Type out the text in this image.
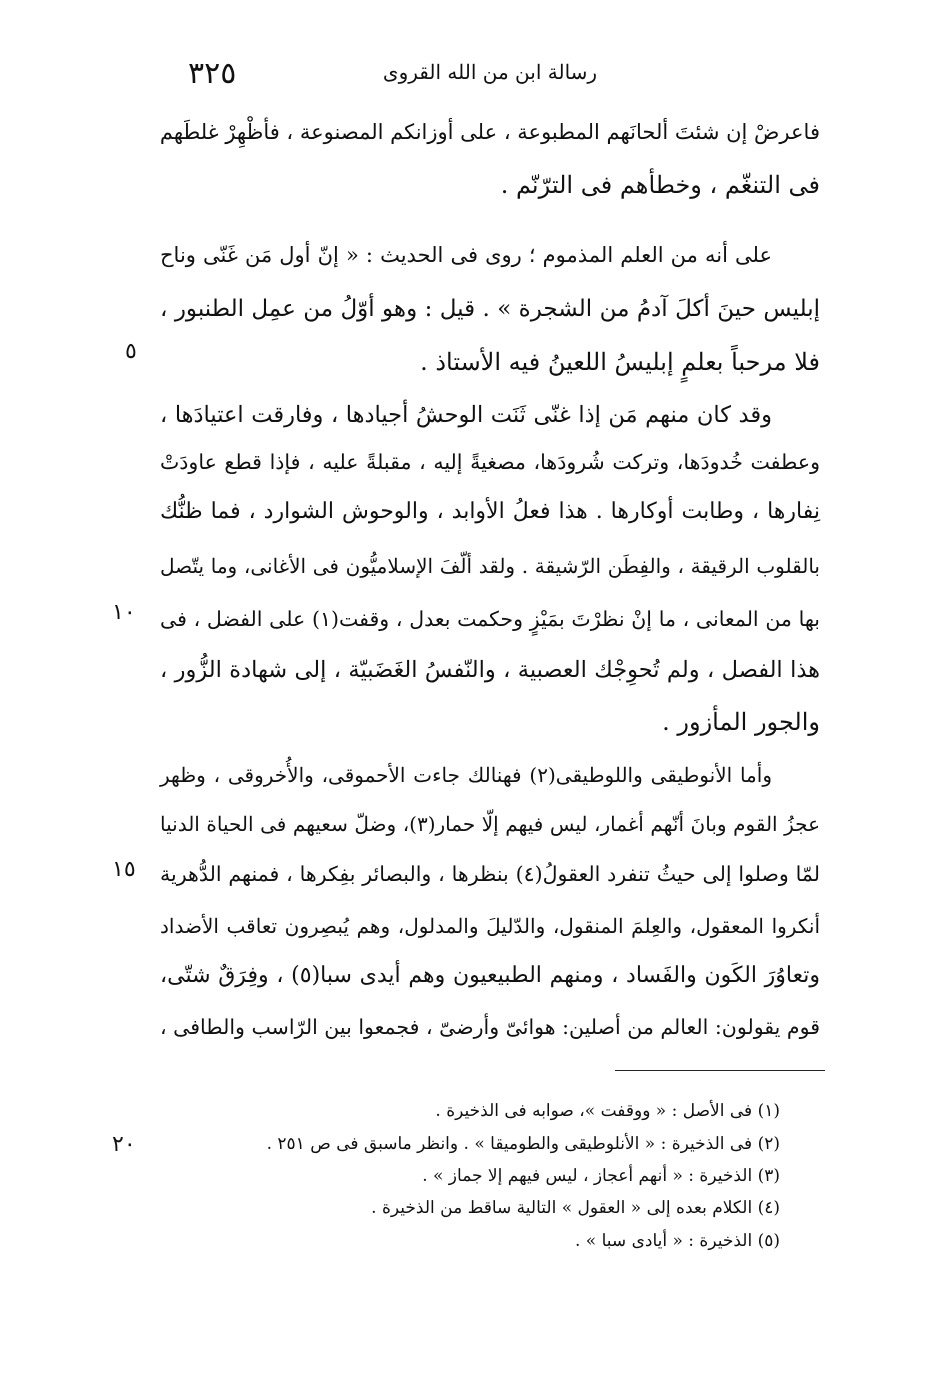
٣٢٥	رسالة ابن من الله القروى
فاعرضْ إن شئتَ ألحانَهم المطبوعة ، على أوزانكم المصنوعة ، فأظْهِرْ غلطَهم
فى التنغّم ، وخطأهم فى الترّنّم .
على أنه من العلم المذموم ؛ روى فى الحديث : « إنّ أول مَن غَنّى وناح
إبليس حينَ أكلَ آدمُ من الشجرة » . قيل : وهو أوّلُ من عمِل الطنبور ،
فلا مرحباً بعلمٍ إبليسُ اللعينُ فيه الأستاذ .
وقد كان منهم مَن إذا غنّى ثَنَت الوحشُ أجيادها ، وفارقت اعتيادَها ،
وعطفت خُدودَها، وتركت شُرودَها، مصغيةً إليه ، مقبلةً عليه ، فإذا قطع عاودَتْ
نِفارها ، وطابت أوكارها . هذا فعلُ الأوابد ، والوحوش الشوارد ، فما ظنُّك
بالقلوب الرقيقة ، والفِطَن الرّشيقة . ولقد ألّفَ الإسلاميُّون فى الأغانى، وما يتّصل
بها من المعانى ، ما إنْ نظرْتَ بمَيْزٍ وحكمت بعدل ، وقفت(١) على الفضل ، فى
هذا الفصل ، ولم تُحوِجْك العصبية ، والنّفسُ الغَضَبيّة ، إلى شهادة الزُّور ،
والجور المأزور .
وأما الأنوطيقى واللوطيقى(٢) فهنالك جاءت الأحموقى، والأُخروقى ، وظهر
عجزُ القوم وبانَ أنّهم أغمار، ليس فيهم إلّا حمار(٣)، وضلّ سعيهم فى الحياة الدنيا
لمّا وصلوا إلى حيثُ تنفرد العقولُ(٤) بنظرها ، والبصائر بفِكرها ، فمنهم الدُّهرية
أنكروا المعقول، والعِلمَ المنقول، والدّليلَ والمدلول، وهم يُبصِرون تعاقب الأضداد
وتعاوُرَ الكَون والفَساد ، ومنهم الطبيعيون وهم أيدى سبا(٥) ، وفِرَقٌ شتّى،
قوم يقولون: العالم من أصلين: هوائىّ وأرضىّ ، فجمعوا بين الرّاسب والطافى ،
٥
١٠
١٥
٢٠
(١) فى الأصل : « ووقفت »، صوابه فى الذخيرة .
(٢) فى الذخيرة : « الأنلوطيقى والطوميقا » . وانظر ماسبق فى ص ٢٥١ .
(٣) الذخيرة : « أنهم أعجاز ، ليس فيهم إلا جماز » .
(٤) الكلام بعده إلى « العقول » التالية ساقط من الذخيرة .
(٥) الذخيرة : « أيادى سبا » .
